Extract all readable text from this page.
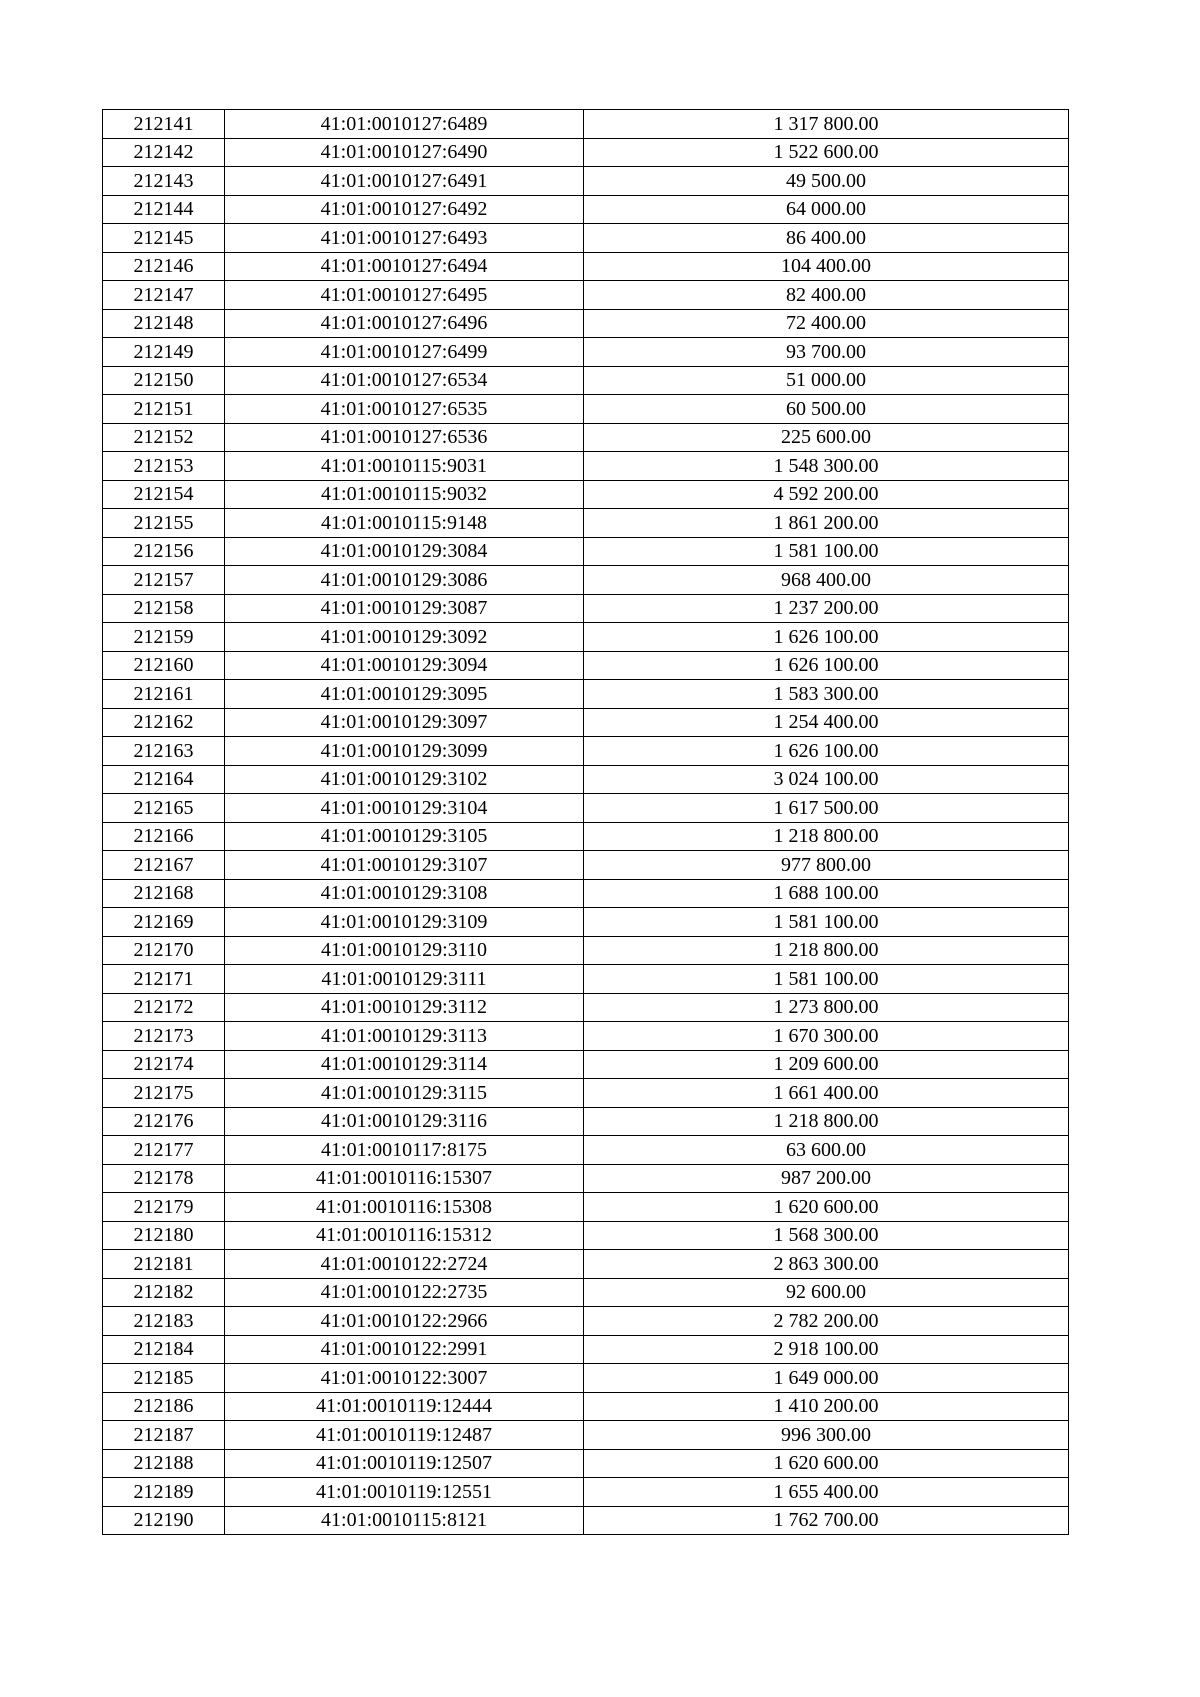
212141	41:01:0010127:6489	1 317 800.00
212142	41:01:0010127:6490	1 522 600.00
212143	41:01:0010127:6491	49 500.00
212144	41:01:0010127:6492	64 000.00
212145	41:01:0010127:6493	86 400.00
212146	41:01:0010127:6494	104 400.00
212147	41:01:0010127:6495	82 400.00
212148	41:01:0010127:6496	72 400.00
212149	41:01:0010127:6499	93 700.00
212150	41:01:0010127:6534	51 000.00
212151	41:01:0010127:6535	60 500.00
212152	41:01:0010127:6536	225 600.00
212153	41:01:0010115:9031	1 548 300.00
212154	41:01:0010115:9032	4 592 200.00
212155	41:01:0010115:9148	1 861 200.00
212156	41:01:0010129:3084	1 581 100.00
212157	41:01:0010129:3086	968 400.00
212158	41:01:0010129:3087	1 237 200.00
212159	41:01:0010129:3092	1 626 100.00
212160	41:01:0010129:3094	1 626 100.00
212161	41:01:0010129:3095	1 583 300.00
212162	41:01:0010129:3097	1 254 400.00
212163	41:01:0010129:3099	1 626 100.00
212164	41:01:0010129:3102	3 024 100.00
212165	41:01:0010129:3104	1 617 500.00
212166	41:01:0010129:3105	1 218 800.00
212167	41:01:0010129:3107	977 800.00
212168	41:01:0010129:3108	1 688 100.00
212169	41:01:0010129:3109	1 581 100.00
212170	41:01:0010129:3110	1 218 800.00
212171	41:01:0010129:3111	1 581 100.00
212172	41:01:0010129:3112	1 273 800.00
212173	41:01:0010129:3113	1 670 300.00
212174	41:01:0010129:3114	1 209 600.00
212175	41:01:0010129:3115	1 661 400.00
212176	41:01:0010129:3116	1 218 800.00
212177	41:01:0010117:8175	63 600.00
212178	41:01:0010116:15307	987 200.00
212179	41:01:0010116:15308	1 620 600.00
212180	41:01:0010116:15312	1 568 300.00
212181	41:01:0010122:2724	2 863 300.00
212182	41:01:0010122:2735	92 600.00
212183	41:01:0010122:2966	2 782 200.00
212184	41:01:0010122:2991	2 918 100.00
212185	41:01:0010122:3007	1 649 000.00
212186	41:01:0010119:12444	1 410 200.00
212187	41:01:0010119:12487	996 300.00
212188	41:01:0010119:12507	1 620 600.00
212189	41:01:0010119:12551	1 655 400.00
212190	41:01:0010115:8121	1 762 700.00
